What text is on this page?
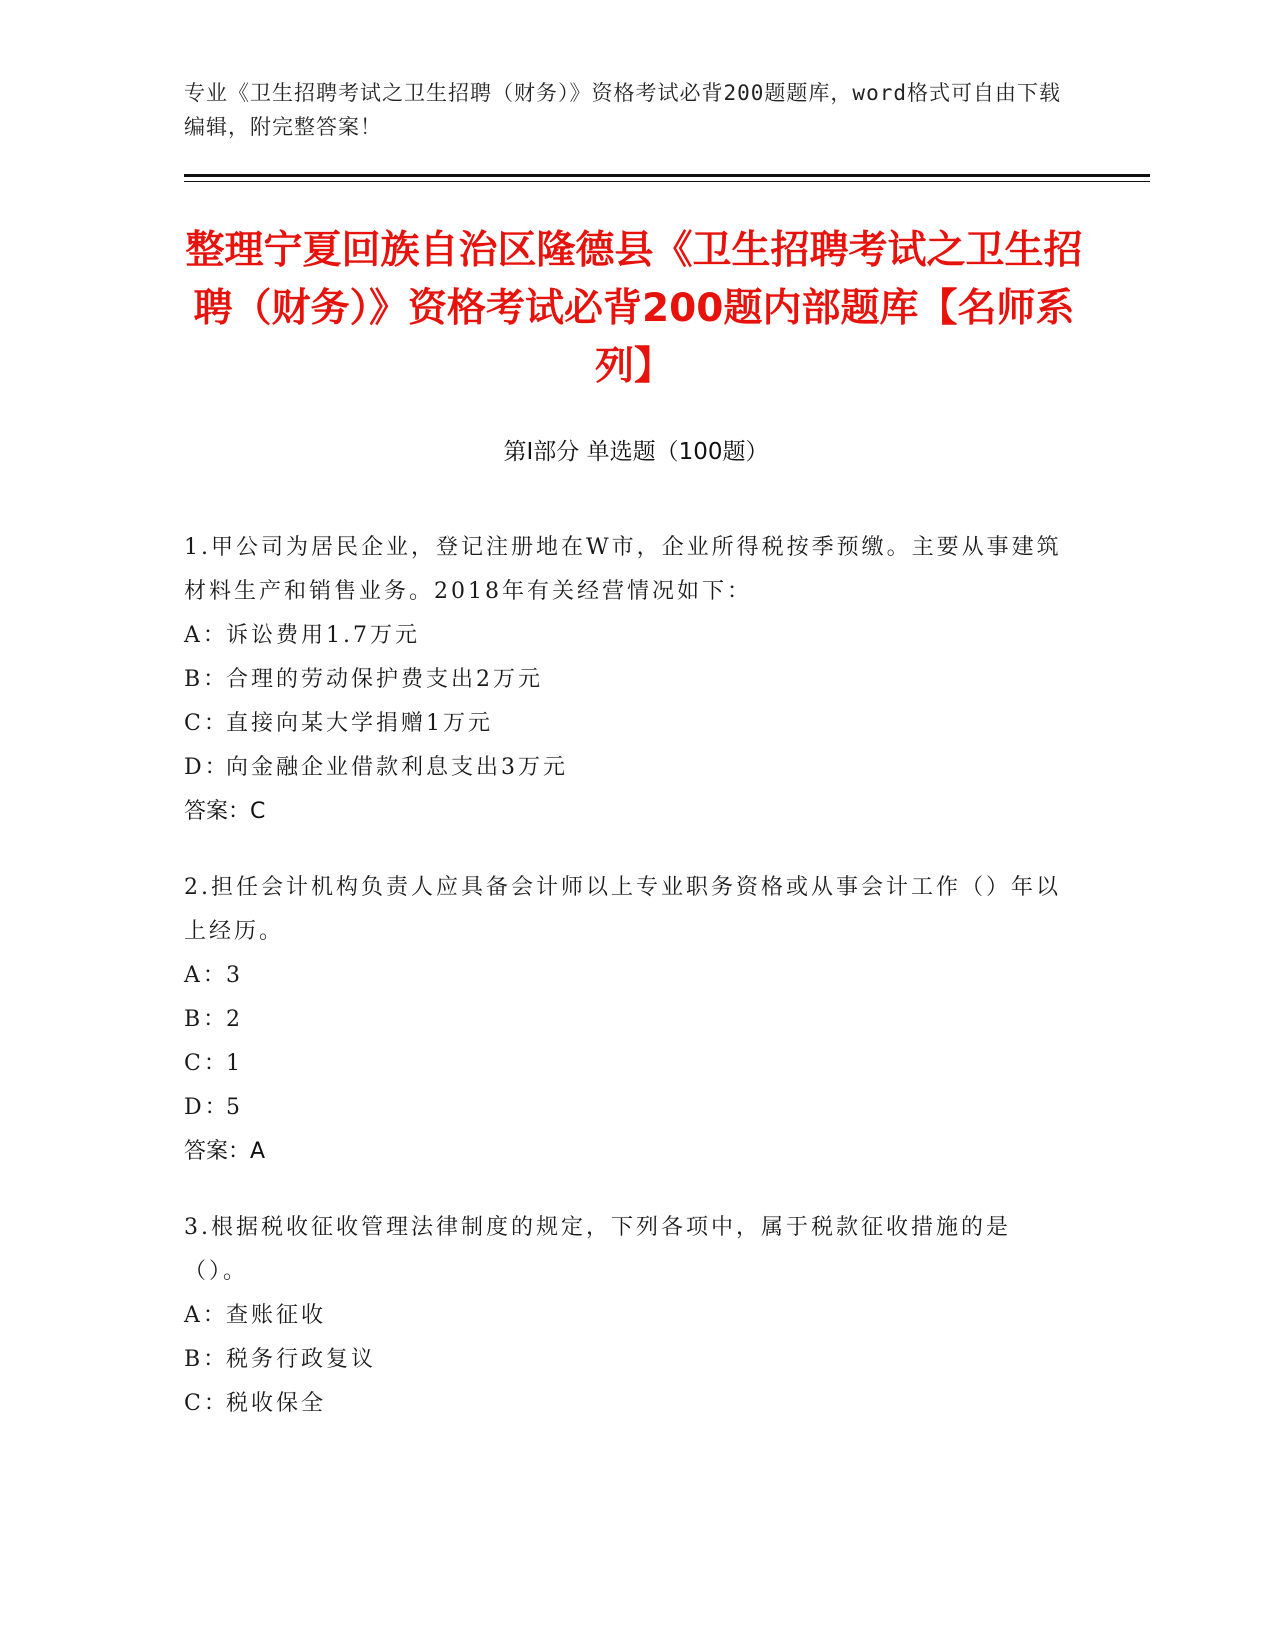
专业《卫生招聘考试之卫生招聘（财务）》资格考试必背200题题库，word格式可自由下载编辑，附完整答案！
整理宁夏回族自治区隆德县《卫生招聘考试之卫生招聘（财务）》资格考试必背200题内部题库【名师系列】
第Ⅰ部分 单选题（100题）
1.甲公司为居民企业，登记注册地在W市，企业所得税按季预缴。主要从事建筑材料生产和销售业务。2018年有关经营情况如下：
A：诉讼费用1.7万元
B：合理的劳动保护费支出2万元
C：直接向某大学捐赠1万元
D：向金融企业借款利息支出3万元
答案：C
2.担任会计机构负责人应具备会计师以上专业职务资格或从事会计工作（）年以上经历。
A：3
B：2
C：1
D：5
答案：A
3.根据税收征收管理法律制度的规定，下列各项中，属于税款征收措施的是（）。
A：查账征收
B：税务行政复议
C：税收保全
